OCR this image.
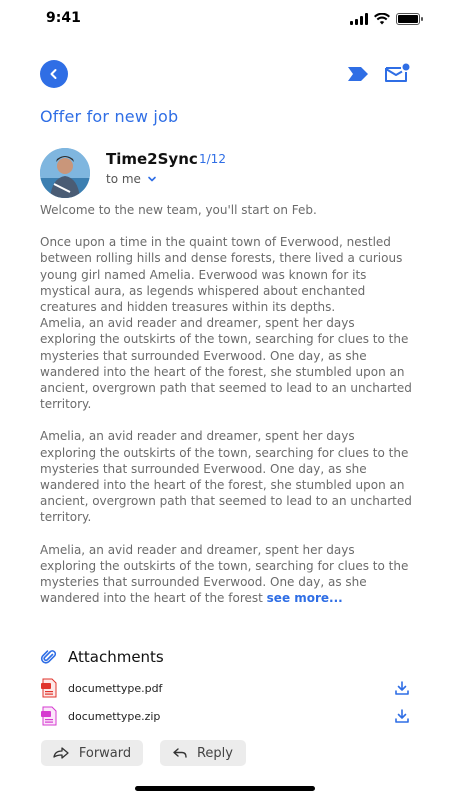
9:41
Offer for new job
Time2Sync 1/12
to me

Welcome to the new team, you'll start on Feb.

Once upon a time in the quaint town of Everwood, nestled between rolling hills and dense forests, there lived a curious young girl named Amelia. Everwood was known for its mystical aura, as legends whispered about enchanted creatures and hidden treasures within its depths.

Amelia, an avid reader and dreamer, spent her days exploring the outskirts of the town, searching for clues to the mysteries that surrounded Everwood. One day, as she wandered into the heart of the forest, she stumbled upon an ancient, overgrown path that seemed to lead to an uncharted territory.

Amelia, an avid reader and dreamer, spent her days exploring the outskirts of the town, searching for clues to the mysteries that surrounded Everwood. One day, as she wandered into the heart of the forest, she stumbled upon an ancient, overgrown path that seemed to lead to an uncharted territory.

Amelia, an avid reader and dreamer, spent her days exploring the outskirts of the town, searching for clues to the mysteries that surrounded Everwood. One day, as she wandered into the heart of the forest see more...

Attachments
documettype.pdf
documettype.zip
Forward	Reply
